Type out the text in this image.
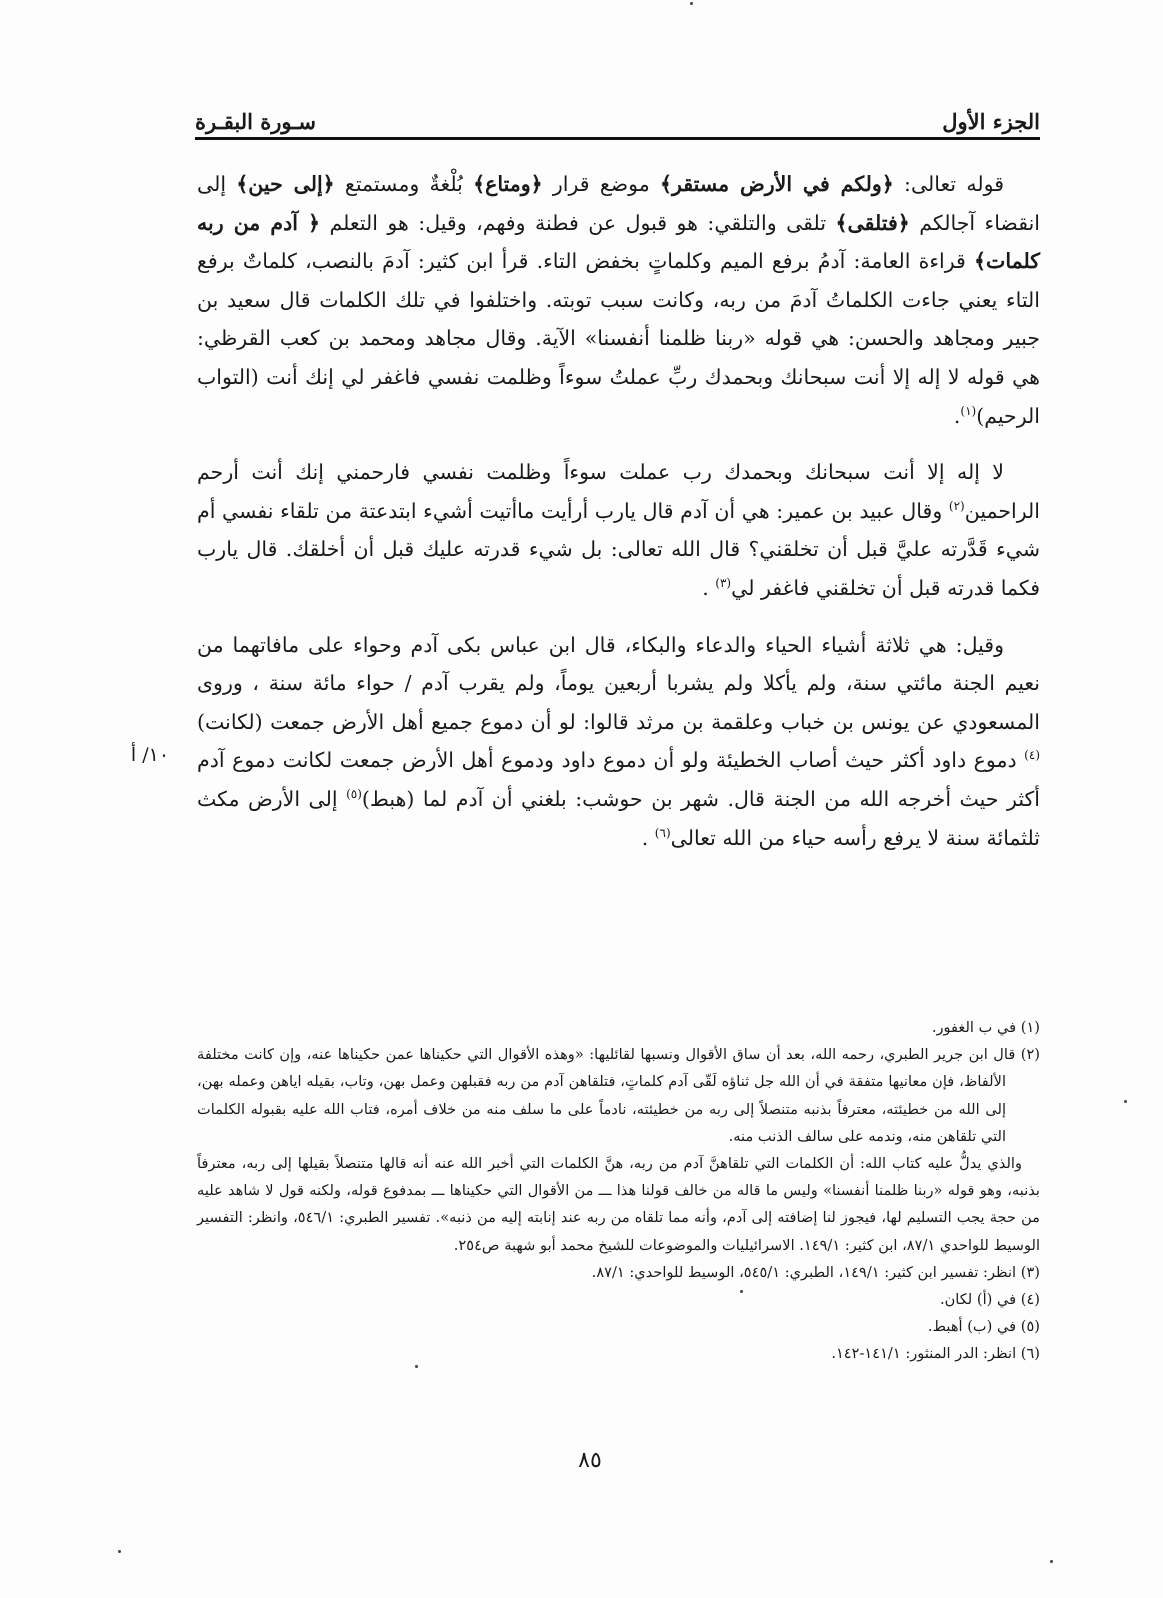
الجزء الأول
سـورة البقـرة

قوله تعالى: ﴿ولكم في الأرض مستقر﴾ موضع قرار ﴿ومتاع﴾ بُلْغةٌ ومستمتع ﴿إلى حين﴾ إلى انقضاء آجالكم ﴿فتلقى﴾ تلقى والتلقي: هو قبول عن فطنة وفهم، وقيل: هو التعلم ﴿ آدم من ربه كلمات﴾ قراءة العامة: آدمُ برفع الميم وكلماتٍ بخفض التاء. قرأ ابن كثير: آدمَ بالنصب، كلماتٌ برفع التاء يعني جاءت الكلماتُ آدمَ من ربه، وكانت سبب توبته. واختلفوا في تلك الكلمات قال سعيد بن جبير ومجاهد والحسن: هي قوله «ربنا ظلمنا أنفسنا» الآية. وقال مجاهد ومحمد بن كعب القرظي: هي قوله لا إله إلا أنت سبحانك وبحمدك ربِّ عملتُ سوءاً وظلمت نفسي فاغفر لي إنك أنت (التواب الرحيم)$^{(١)}$.

لا إله إلا أنت سبحانك وبحمدك رب عملت سوءاً وظلمت نفسي فارحمني إنك أنت أرحم الراحمين$^{(٢)}$ وقال عبيد بن عمير: هي أن آدم قال يارب أرأيت ماأتيت أشيء ابتدعتة من تلقاء نفسي أم شيء قَدَّرته عليَّ قبل أن تخلقني؟ قال الله تعالى: بل شيء قدرته عليك قبل أن أخلقك. قال يارب فكما قدرته قبل أن تخلقني فاغفر لي$^{(٣)}$ .

وقيل: هي ثلاثة أشياء الحياء والدعاء والبكاء، قال ابن عباس بكى آدم وحواء على مافاتهما من نعيم الجنة مائتي سنة، ولم يأكلا ولم يشربا أربعين يوماً، ولم يقرب آدم / حواء مائة سنة ، وروى المسعودي عن يونس بن خباب وعلقمة بن مرثد قالوا: لو أن دموع جميع أهل الأرض جمعت (لكانت)$^{(٤)}$ دموع داود أكثر حيث أصاب الخطيئة ولو أن دموع داود ودموع أهل الأرض جمعت لكانت دموع آدم أكثر حيث أخرجه الله من الجنة قال. شهر بن حوشب: بلغني أن آدم لما (هبط)$^{(٥)}$ إلى الأرض مكث ثلثمائة سنة لا يرفع رأسه حياء من الله تعالى$^{(٦)}$ .

١٠/ أ

(١) في ب الغفور.

(٢) قال ابن جرير الطبري، رحمه الله، بعد أن ساق الأقوال ونسبها لقائليها: «وهذه الأقوال التي حكيناها عمن حكيناها عنه، وإن كانت مختلفة الألفاظ، فإن معانيها متفقة في أن الله جل ثناؤه لَقّى آدم كلماتٍ، فتلقاهن آدم من ربه فقبلهن وعمل بهن، وتاب، بقيله اياهن وعمله بهن، إلى الله من خطيئته، معترفاً بذنبه متنصلاً إلى ربه من خطيئته، نادماً على ما سلف منه من خلاف أمره، فتاب الله عليه بقبوله الكلمات التي تلقاهن منه، وندمه على سالف الذنب منه.

والذي يدلُّ عليه كتاب الله: أن الكلمات التي تلقاهنَّ آدم من ربه، هنَّ الكلمات التي أخبر الله عنه أنه قالها متنصلاً بقيلها إلى ربه، معترفاً بذنبه، وهو قوله «ربنا ظلمنا أنفسنا» وليس ما قاله من خالف قولنا هذا ـــ من الأقوال التي حكيناها ـــ بمدفوع قوله، ولكنه قول لا شاهد عليه من حجة يجب التسليم لها، فيجوز لنا إضافته إلى آدم، وأنه مما تلقاه من ربه عند إنابته إليه من ذنبه». تفسير الطبري: ٥٤٦/١، وانظر: التفسير الوسيط للواحدي ٨٧/١، ابن كثير: ١٤٩/١. الاسرائيليات والموضوعات للشيخ محمد أبو شهبة ص٢٥٤.

(٣) انظر: تفسير ابن كثير: ١٤٩/١، الطبري: ٥٤٥/١، الوسيط للواحدي: ٨٧/١.

(٤) في (أ) لكان.

(٥) في (ب) أهبط.

(٦) انظر: الدر المنثور: ١٤١/١-١٤٢.

٨٥
